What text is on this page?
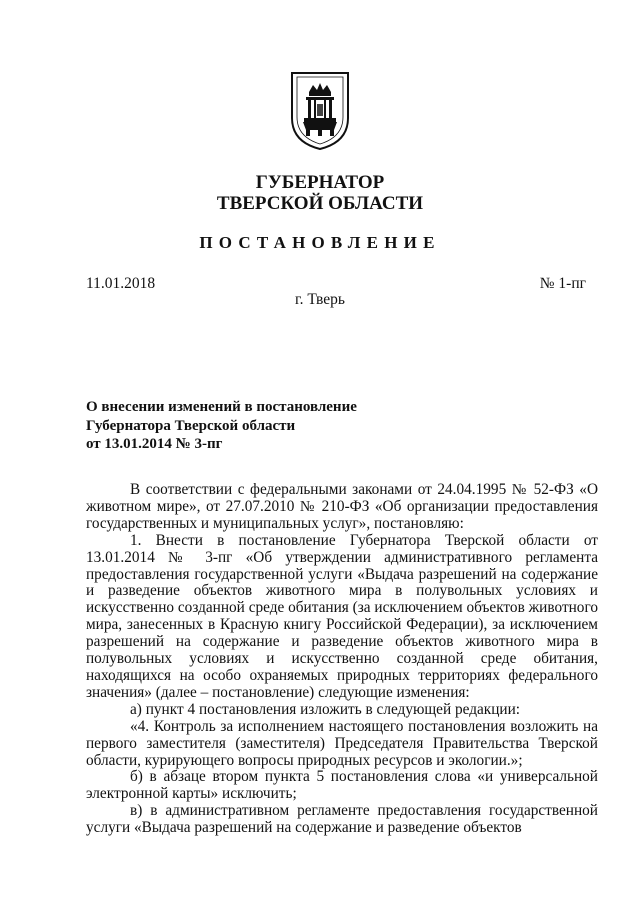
ГУБЕРНАТОР
ТВЕРСКОЙ ОБЛАСТИ
ПОСТАНОВЛЕНИЕ
11.01.2018	№ 1-пг
г. Тверь
О внесении изменений в постановление
Губернатора Тверской области
от 13.01.2014 № 3-пг

В соответствии с федеральными законами от 24.04.1995 № 52-ФЗ «О животном мире», от 27.07.2010 № 210-ФЗ «Об организации предоставления государственных и муниципальных услуг», постановляю:

1. Внести в постановление Губернатора Тверской области от 13.01.2014 № 3-пг «Об утверждении административного регламента предоставления государственной услуги «Выдача разрешений на содержание и разведение объектов животного мира в полувольных условиях и искусственно созданной среде обитания (за исключением объектов животного мира, занесенных в Красную книгу Российской Федерации), за исключением разрешений на содержание и разведение объектов животного мира в полувольных условиях и искусственно созданной среде обитания, находящихся на особо охраняемых природных территориях федерального значения» (далее – постановление) следующие изменения:

а) пункт 4 постановления изложить в следующей редакции:

«4. Контроль за исполнением настоящего постановления возложить на первого заместителя (заместителя) Председателя Правительства Тверской области, курирующего вопросы природных ресурсов и экологии.»;

б) в абзаце втором пункта 5 постановления слова «и универсальной электронной карты» исключить;

в) в административном регламенте предоставления государственной услуги «Выдача разрешений на содержание и разведение объектов
